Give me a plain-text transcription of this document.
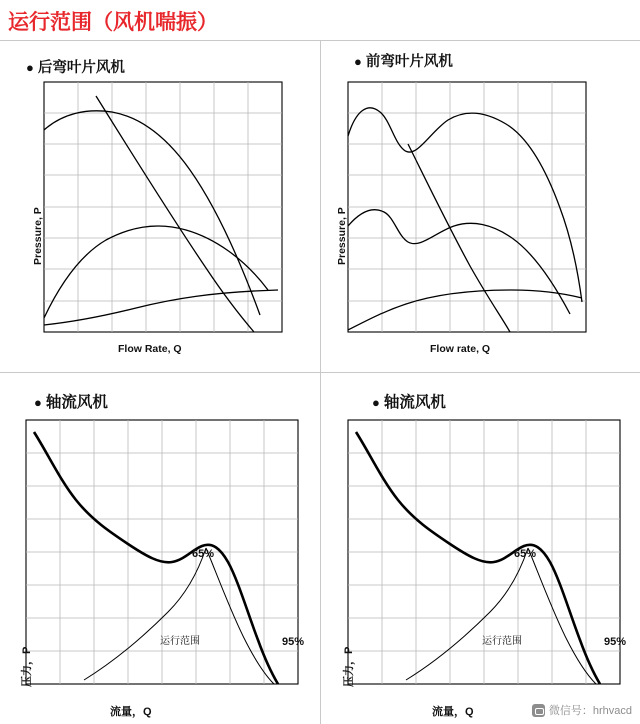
运行范围（风机喘振）
● 后弯叶片风机
Pressure, P
Flow Rate, Q
● 前弯叶片风机
Pressure, P
Flow rate, Q
● 轴流风机
压力，P
流量，Q
65%
95%
运行范围
● 轴流风机
压力，P
流量，Q
65%
95%
运行范围
微信号：hrhvacd
